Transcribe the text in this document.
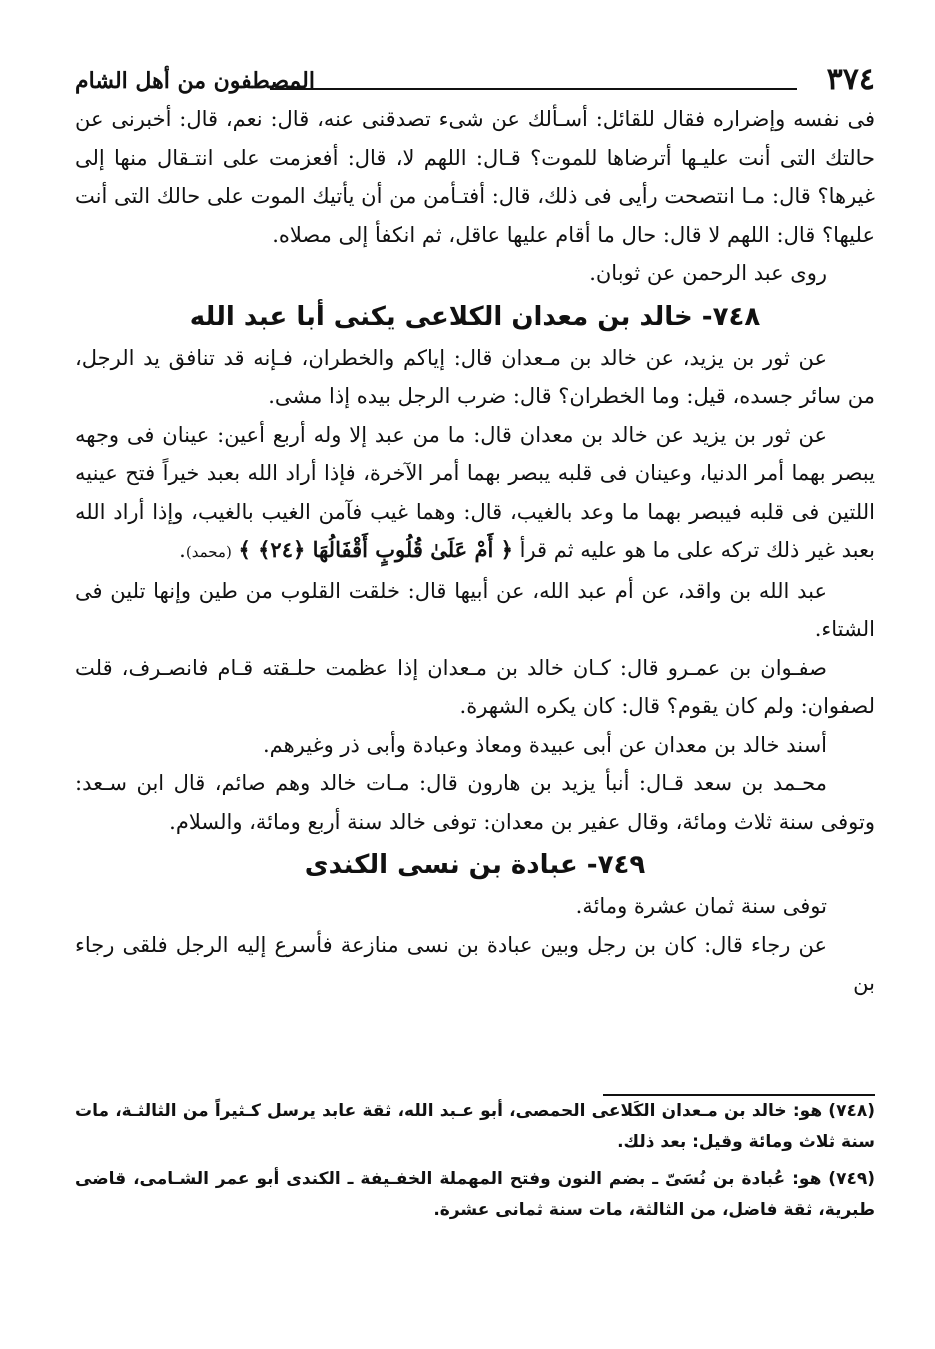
٣٧٤
المصطفون من أهل الشام

فى نفسه وإضراره فقال للقائل: أسـألك عن شىء تصدقنى عنه، قال: نعم، قال: أخبرنى عن حالتك التى أنت عليـها أترضاها للموت؟ قـال: اللهم لا، قال: أفعزمت على انتـقال منها إلى غيرها؟ قال: مـا انتصحت رأيى فى ذلك، قال: أفتـأمن من أن يأتيك الموت على حالك التى أنت عليها؟ قال: اللهم لا قال: حال ما أقام عليها عاقل، ثم انكفأ إلى مصلاه.

روى عبد الرحمن عن ثوبان.

٧٤٨- خالد بن معدان الكلاعى يكنى أبا عبد الله

عن ثور بن يزيد، عن خالد بن مـعدان قال: إياكم والخطران، فـإنه قد تنافق يد الرجل، من سائر جسده، قيل: وما الخطران؟ قال: ضرب الرجل بيده إذا مشى.

عن ثور بن يزيد عن خالد بن معدان قال: ما من عبد إلا وله أربع أعين: عينان فى وجهه يبصر بهما أمر الدنيا، وعينان فى قلبه يبصر بهما أمر الآخرة، فإذا أراد الله بعبد خيراً فتح عينيه اللتين فى قلبه فيبصر بهما ما وعد بالغيب، قال: وهما غيب فآمن الغيب بالغيب، وإذا أراد الله بعبد غير ذلك تركه على ما هو عليه ثم قرأ ﴿ أَمْ عَلَىٰ قُلُوبٍ أَقْفَالُهَا ﴿٢٤﴾ ﴾ (محمد).

عبد الله بن واقد، عن أم عبد الله، عن أبيها قال: خلقت القلوب من طين وإنها تلين فى الشتاء.

صفـوان بن عمـرو قال: كـان خالد بن مـعدان إذا عظمت حلـقته قـام فانصـرف، قلت لصفوان: ولم كان يقوم؟ قال: كان يكره الشهرة.

أسند خالد بن معدان عن أبى عبيدة ومعاذ وعبادة وأبى ذر وغيرهم.

محـمد بن سعد قـال: أنبأ يزيد بن هارون قال: مـات خالد وهم صائم، قال ابن سـعد: وتوفى سنة ثلاث ومائة، وقال عفير بن معدان: توفى خالد سنة أربع ومائة، والسلام.

٧٤٩- عبادة بن نسى الكندى

توفى سنة ثمان عشرة ومائة.

عن رجاء قال: كان بن رجل وبين عبادة بن نسى منازعة فأسرع إليه الرجل فلقى رجاء بن

(٧٤٨) هو: خالد بن مـعدان الكَلاعى الحمصى، أبو عـبد الله، ثقة عابد يرسل كـثيراً من الثالثـة، مات سنة ثلاث ومائة وقيل: بعد ذلك.

(٧٤٩) هو: عُبادة بن نُسَىّ ـ بضم النون وفتح المهملة الخفـيفة ـ الكندى أبو عمر الشـامى، قاضى طبرية، ثقة فاضل، من الثالثة، مات سنة ثمانى عشرة.
